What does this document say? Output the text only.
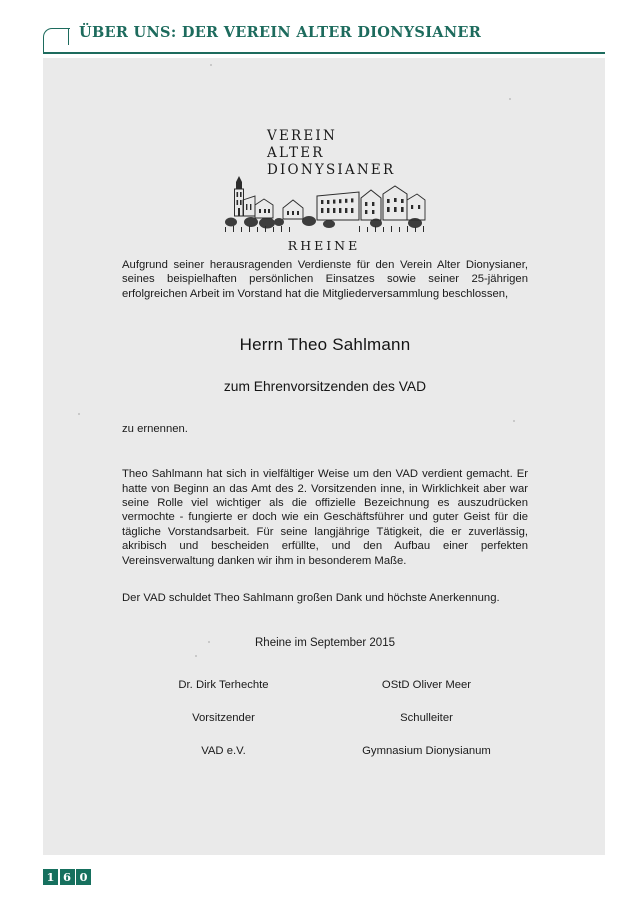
ÜBER UNS: DER VEREIN ALTER DIONYSIANER
VEREIN
ALTER
DIONYSIANER
RHEINE

Aufgrund seiner herausragenden Verdienste für den Verein Alter Dionysianer, seines beispielhaften persönlichen Einsatzes sowie seiner 25-jährigen erfolgreichen Arbeit im Vorstand hat die Mitgliederversammlung beschlossen,

Herrn Theo Sahlmann

zum Ehrenvorsitzenden des VAD

zu ernennen.

Theo Sahlmann hat sich in vielfältiger Weise um den VAD verdient gemacht. Er hatte von Beginn an das Amt des 2. Vorsitzenden inne, in Wirklichkeit aber war seine Rolle viel wichtiger als die offizielle Bezeichnung es auszudrücken vermochte - fungierte er doch wie ein Geschäftsführer und guter Geist für die tägliche Vorstandsarbeit. Für seine langjährige Tätigkeit, die er zuverlässig, akribisch und bescheiden erfüllte, und den Aufbau einer perfekten Vereinsverwaltung danken wir ihm in besonderem Maße.

Der VAD schuldet Theo Sahlmann großen Dank und höchste Anerkennung.

Rheine im September 2015

Dr. Dirk Terhechte
Vorsitzender
VAD e.V.
OStD Oliver Meer
Schulleiter
Gymnasium Dionysianum
1 6 0
